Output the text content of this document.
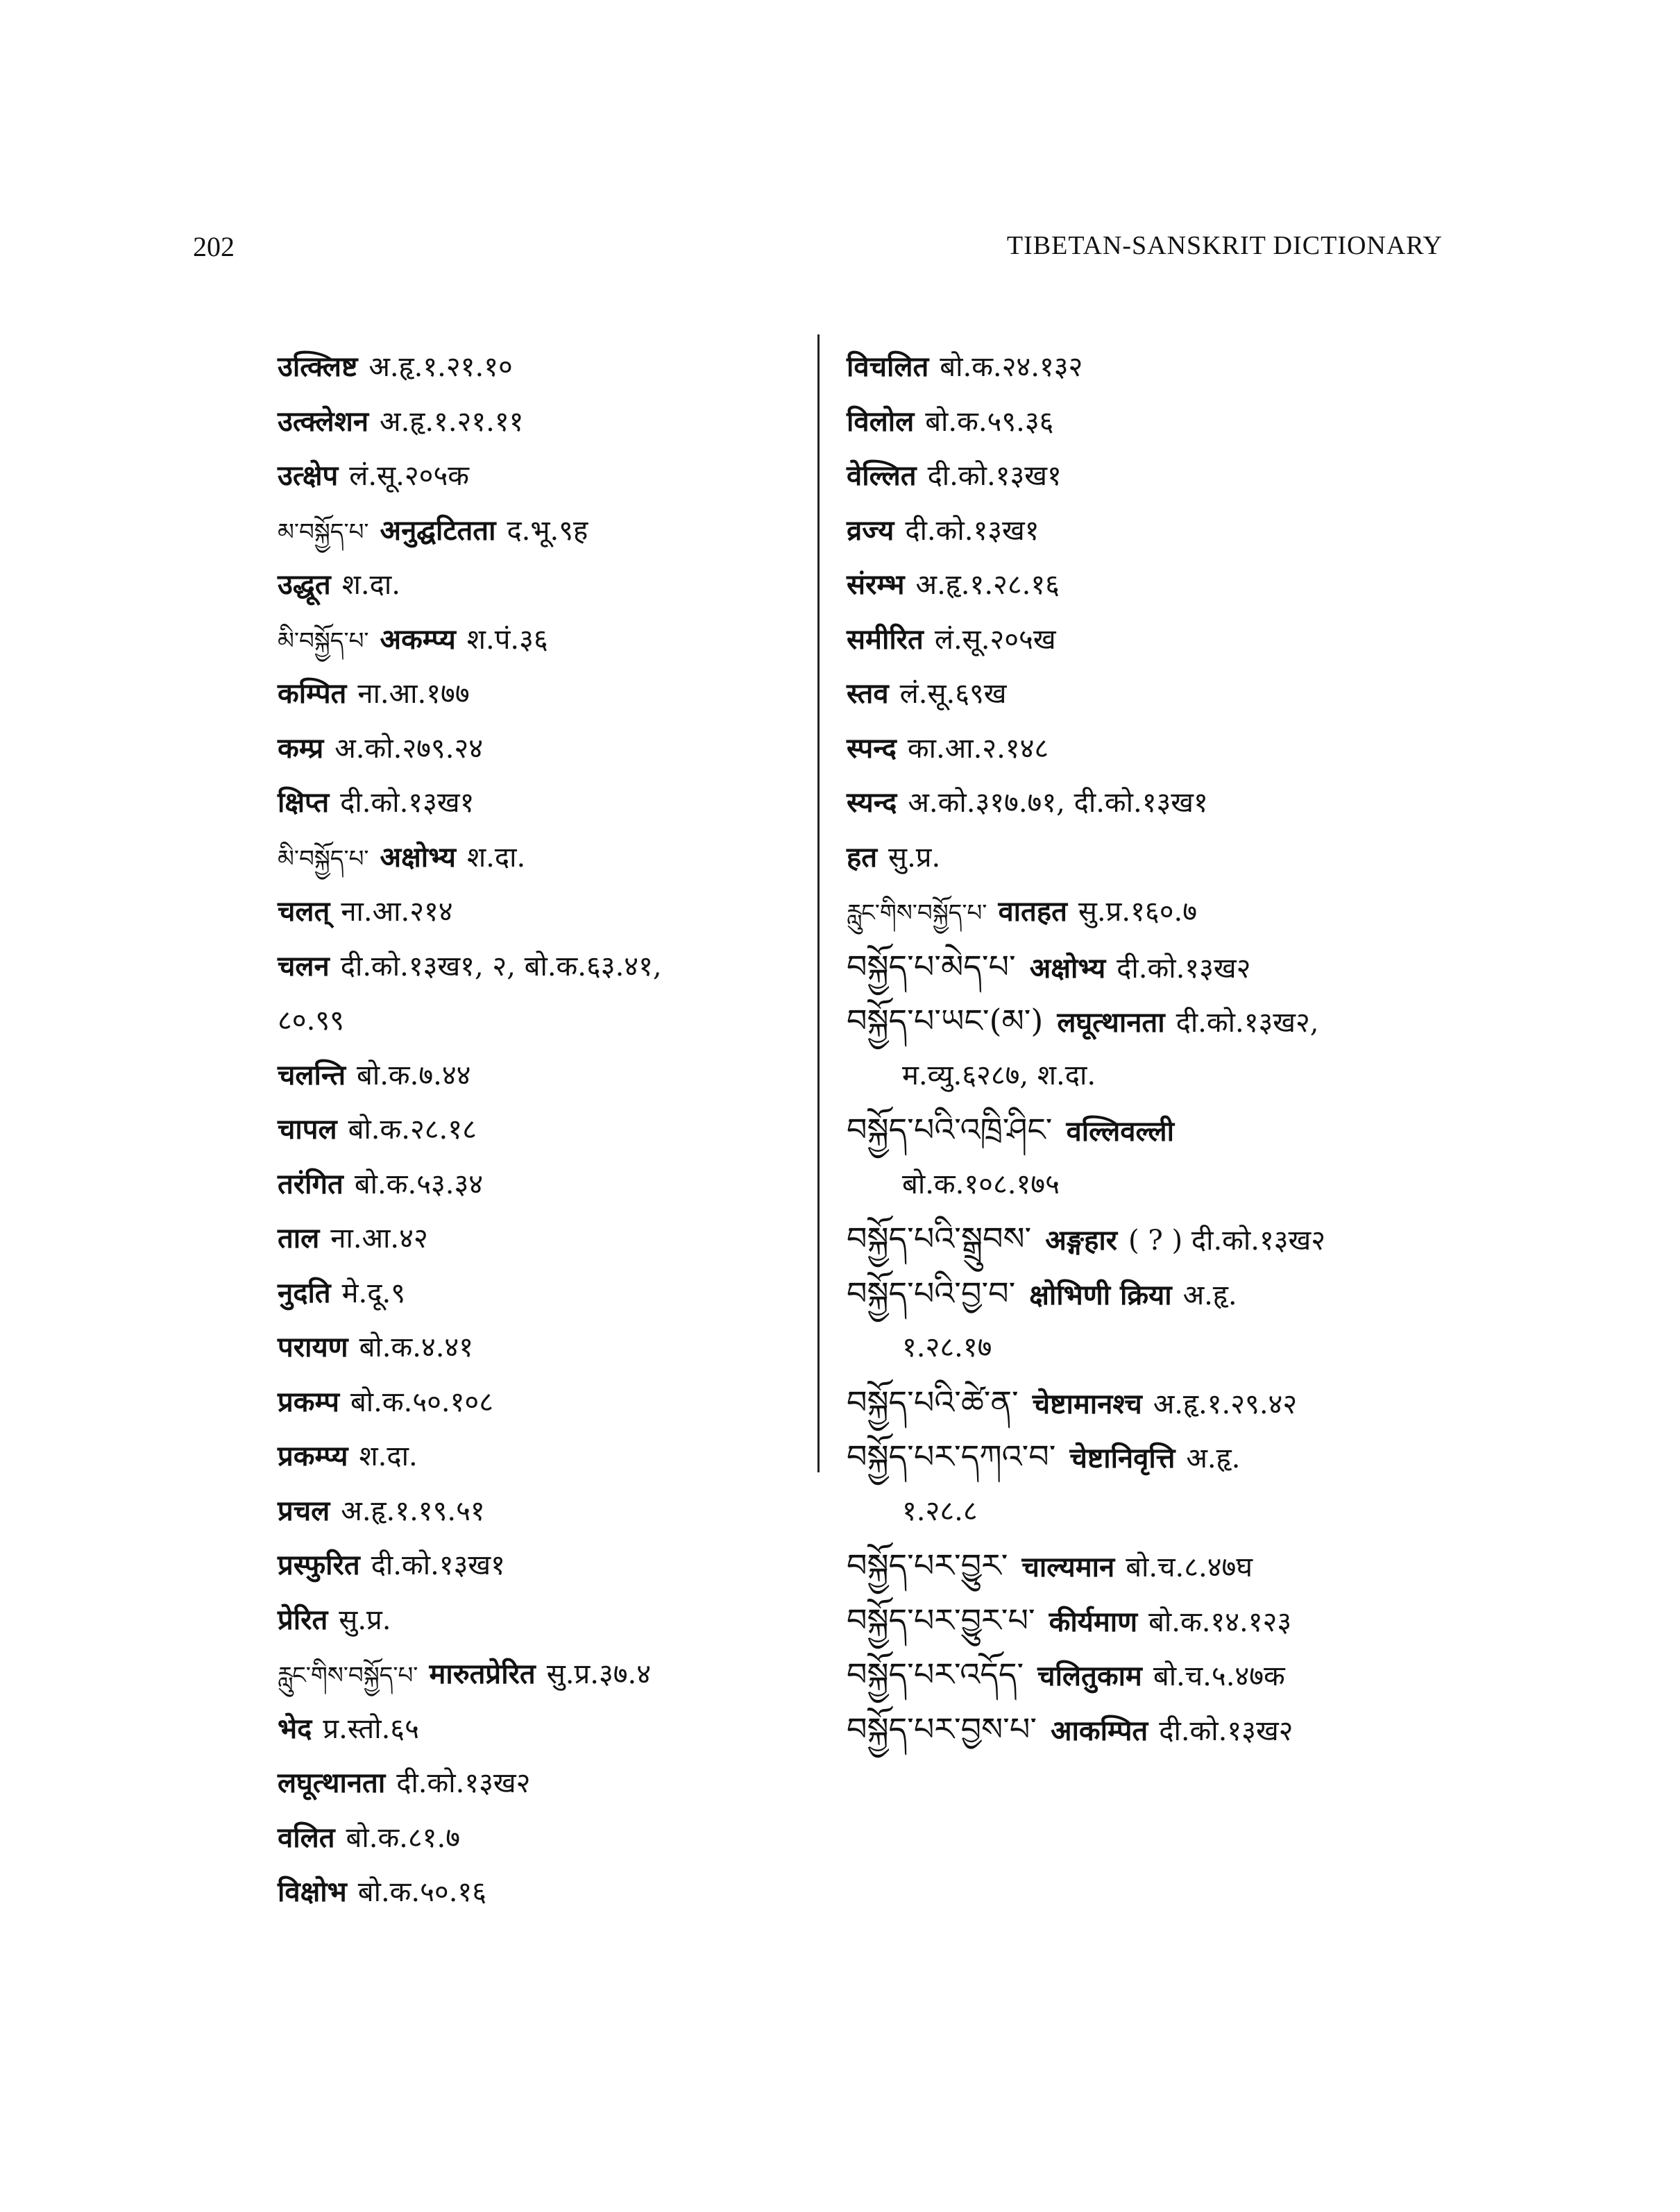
202	TIBETAN-SANSKRIT DICTIONARY
उत्क्लिष्ट अ.हृ.१.२१.१०
उत्क्लेशन अ.हृ.१.२१.११
उत्क्षेप लं.सू.२०५क
མ་བསྐྱོད་པ་ अनुद्घटितता द.भू.९ह
उद्धूत श.दा.
མི་བསྐྱོད་པ་ अकम्प्य श.पं.३६
कम्पित ना.आ.१७७
कम्प्र अ.को.२७९.२४
क्षिप्त दी.को.१३ख१
མི་བསྐྱོད་པ་ अक्षोभ्य श.दा.
चलत् ना.आ.२१४
चलन दी.को.१३ख१, २, बो.क.६३.४१,
८०.९९
चलन्ति बो.क.७.४४
चापल बो.क.२८.१८
तरंगित बो.क.५३.३४
ताल ना.आ.४२
नुदति मे.दू.९
परायण बो.क.४.४१
प्रकम्प बो.क.५०.१०८
प्रकम्प्य श.दा.
प्रचल अ.हृ.१.१९.५१
प्रस्फुरित दी.को.१३ख१
प्रेरित सु.प्र.
རླུང་གིས་བསྐྱོད་པ་ मारुतप्रेरित सु.प्र.३७.४
भेद प्र.स्तो.६५
लघूत्थानता दी.को.१३ख२
वलित बो.क.८१.७
विक्षोभ बो.क.५०.१६
विचलित बो.क.२४.१३२
विलोल बो.क.५९.३६
वेल्लित दी.को.१३ख१
व्रज्य दी.को.१३ख१
संरम्भ अ.हृ.१.२८.१६
समीरित लं.सू.२०५ख
स्तव लं.सू.६९ख
स्पन्द का.आ.२.१४८
स्यन्द अ.को.३१७.७१, दी.को.१३ख१
हत सु.प्र.
རླུང་གིས་བསྐྱོད་པ་ वातहत सु.प्र.१६०.७
བསྐྱོད་པ་མེད་པ་ अक्षोभ्य दी.को.१३ख२
བསྐྱོད་པ་ཡང་(མ་) लघूत्थानता दी.को.१३ख२,
म.व्यु.६२८७, श.दा.
བསྐྱོད་པའི་འཁྲི་ཤིང་ वल्लिवल्ली
बो.क.१०८.१७५
བསྐྱོད་པའི་སྒྲུབས་ अङ्गहार ( ? ) दी.को.१३ख२
བསྐྱོད་པའི་བྱ་བ་ क्षोभिणी क्रिया अ.हृ.
१.२८.१७
བསྐྱོད་པའི་ཚེ་ན་ चेष्टामानश्च अ.हृ.१.२९.४२
བསྐྱོད་པར་དཀའ་བ་ चेष्टानिवृत्ति अ.हृ.
१.२८.८
བསྐྱོད་པར་བྱུར་ चाल्यमान बो.च.८.४७घ
བསྐྱོད་པར་བྱུར་པ་ कीर्यमाण बो.क.१४.१२३
བསྐྱོད་པར་འདོད་ चलितुकाम बो.च.५.४७क
བསྐྱོད་པར་བྱས་པ་ आकम्पित दी.को.१३ख२
